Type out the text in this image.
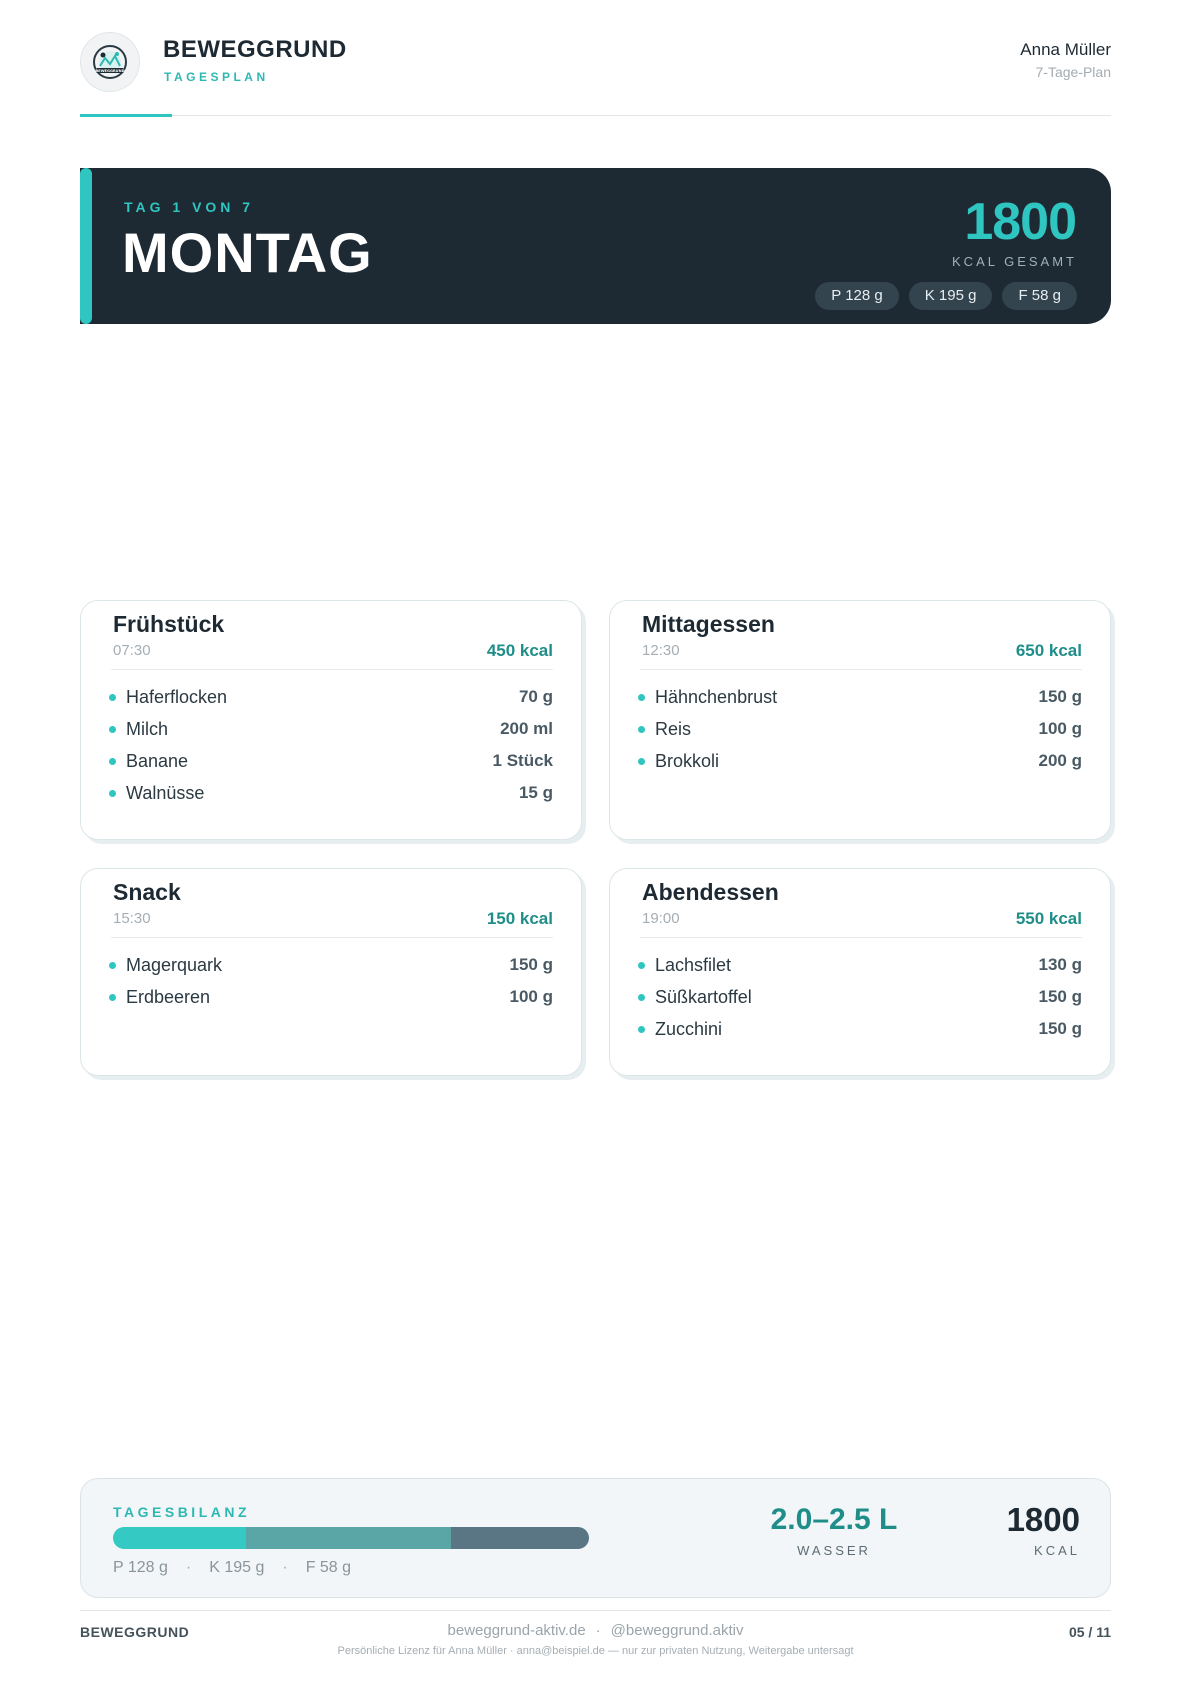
BEWEGGRUND
BEWEGGRUND
TAGESPLAN
Anna Müller
7-Tage-Plan
TAG 1 VON 7
MONTAG	1800
KCAL GESAMT
P 128 g	K 195 g	F 58 g
Frühstück
07:30	450 kcal
Haferflocken	70 g
Milch	200 ml
Banane	1 Stück
Walnüsse	15 g
Mittagessen
12:30	650 kcal
Hähnchenbrust	150 g
Reis	100 g
Brokkoli	200 g
Snack
15:30	150 kcal
Magerquark	150 g
Erdbeeren	100 g
Abendessen
19:00	550 kcal
Lachsfilet	130 g
Süßkartoffel	150 g
Zucchini	150 g
TAGESBILANZ
P 128 g · K 195 g · F 58 g
2.0–2.5 L
WASSER
1800
KCAL
BEWEGGRUND	beweggrund-aktiv.de · @beweggrund.aktiv
Persönliche Lizenz für Anna Müller · anna@beispiel.de — nur zur privaten Nutzung, Weitergabe untersagt
05 / 11
